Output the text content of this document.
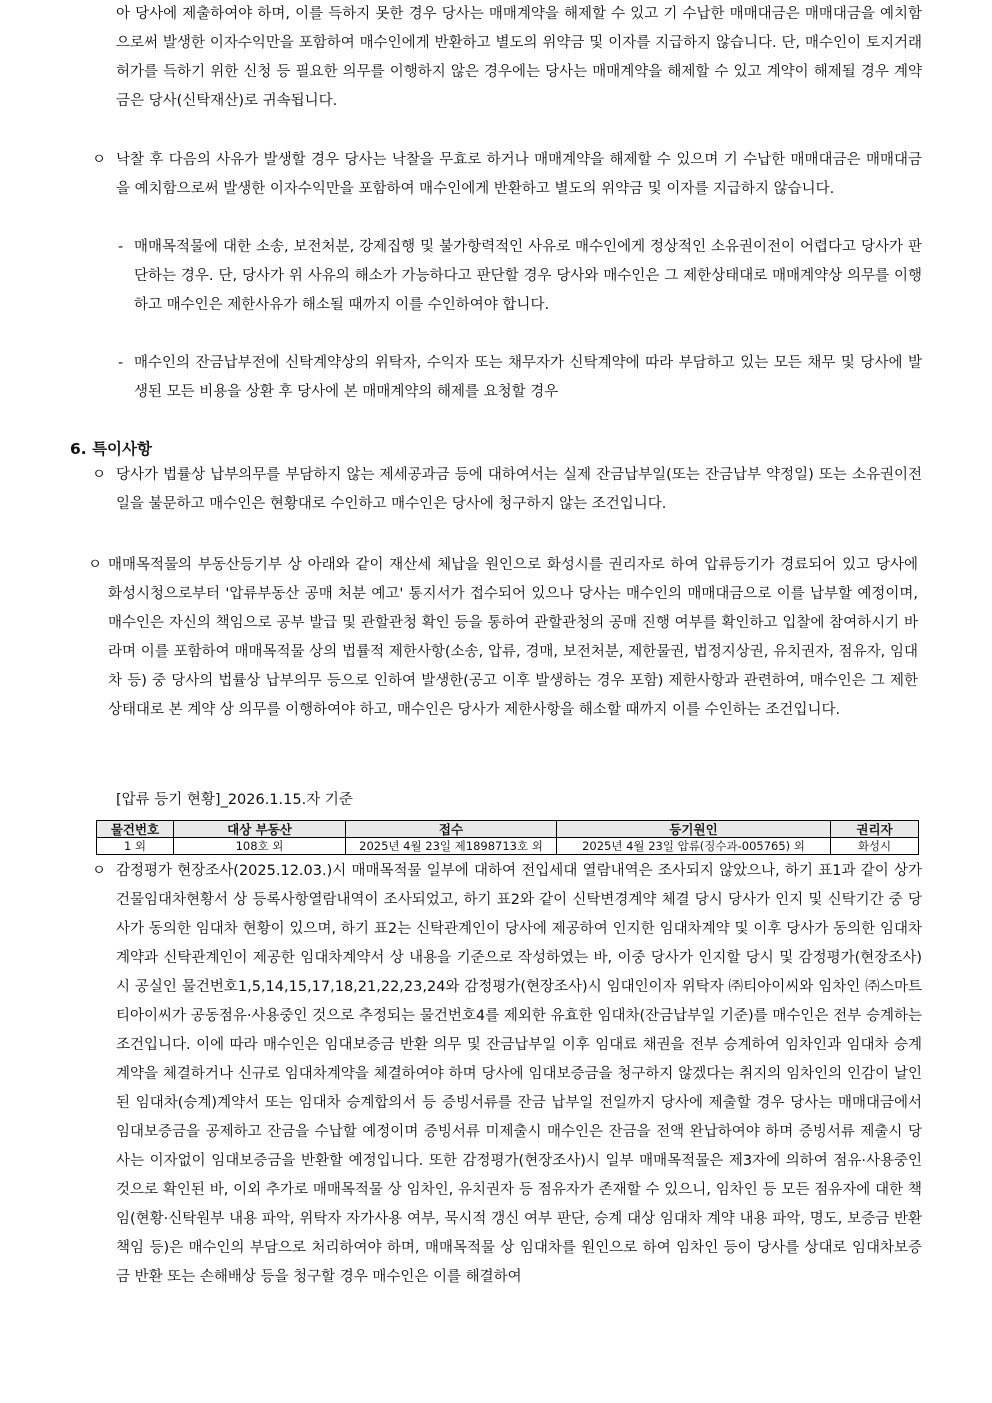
아 당사에 제출하여야 하며, 이를 득하지 못한 경우 당사는 매매계약을 해제할 수 있고 기 수납한 매매대금은 매매대금을 예치함으로써 발생한 이자수익만을 포함하여 매수인에게 반환하고 별도의 위약금 및 이자를 지급하지 않습니다. 단, 매수인이 토지거래허가를 득하기 위한 신청 등 필요한 의무를 이행하지 않은 경우에는 당사는 매매계약을 해제할 수 있고 계약이 해제될 경우 계약금은 당사(신탁재산)로 귀속됩니다.
ㅇ 낙찰 후 다음의 사유가 발생할 경우 당사는 낙찰을 무효로 하거나 매매계약을 해제할 수 있으며 기 수납한 매매대금은 매매대금을 예치함으로써 발생한 이자수익만을 포함하여 매수인에게 반환하고 별도의 위약금 및 이자를 지급하지 않습니다.
- 매매목적물에 대한 소송, 보전처분, 강제집행 및 불가항력적인 사유로 매수인에게 정상적인 소유권이전이 어렵다고 당사가 판단하는 경우. 단, 당사가 위 사유의 해소가 가능하다고 판단할 경우 당사와 매수인은 그 제한상태대로 매매계약상 의무를 이행하고 매수인은 제한사유가 해소될 때까지 이를 수인하여야 합니다.
- 매수인의 잔금납부전에 신탁계약상의 위탁자, 수익자 또는 채무자가 신탁계약에 따라 부담하고 있는 모든 채무 및 당사에 발생된 모든 비용을 상환 후 당사에 본 매매계약의 해제를 요청할 경우
6. 특이사항
ㅇ 당사가 법률상 납부의무를 부담하지 않는 제세공과금 등에 대하여서는 실제 잔금납부일(또는 잔금납부 약정일) 또는 소유권이전일을 불문하고 매수인은 현황대로 수인하고 매수인은 당사에 청구하지 않는 조건입니다.
ㅇ 매매목적물의 부동산등기부 상 아래와 같이 재산세 체납을 원인으로 화성시를 권리자로 하여 압류등기가 경료되어 있고 당사에 화성시청으로부터 '압류부동산 공매 처분 예고' 통지서가 접수되어 있으나 당사는 매수인의 매매대금으로 이를 납부할 예정이며, 매수인은 자신의 책임으로 공부 발급 및 관할관청 확인 등을 통하여 관할관청의 공매 진행 여부를 확인하고 입찰에 참여하시기 바라며 이를 포함하여 매매목적물 상의 법률적 제한사항(소송, 압류, 경매, 보전처분, 제한물권, 법정지상권, 유치권자, 점유자, 임대차 등) 중 당사의 법률상 납부의무 등으로 인하여 발생한(공고 이후 발생하는 경우 포함) 제한사항과 관련하여, 매수인은 그 제한상태대로 본 계약 상 의무를 이행하여야 하고, 매수인은 당사가 제한사항을 해소할 때까지 이를 수인하는 조건입니다.
[압류 등기 현황]_2026.1.15.자 기준
물건번호	대상 부동산	접수	등기원인	권리자
1 외	108호 외	2025년 4월 23일 제1898713호 외	2025년 4월 23일 압류(징수과-005765) 외	화성시
ㅇ 감정평가 현장조사(2025.12.03.)시 매매목적물 일부에 대하여 전입세대 열람내역은 조사되지 않았으나, 하기 표1과 같이 상가건물임대차현황서 상 등록사항열람내역이 조사되었고, 하기 표2와 같이 신탁변경계약 체결 당시 당사가 인지 및 신탁기간 중 당사가 동의한 임대차 현황이 있으며, 하기 표2는 신탁관계인이 당사에 제공하여 인지한 임대차계약 및 이후 당사가 동의한 임대차계약과 신탁관계인이 제공한 임대차계약서 상 내용을 기준으로 작성하였는 바, 이중 당사가 인지할 당시 및 감정평가(현장조사)시 공실인 물건번호1,5,14,15,17,18,21,22,23,24와 감정평가(현장조사)시 임대인이자 위탁자 ㈜티아이씨와 임차인 ㈜스마트티아이씨가 공동점유·사용중인 것으로 추정되는 물건번호4를 제외한 유효한 임대차(잔금납부일 기준)를 매수인은 전부 승계하는 조건입니다. 이에 따라 매수인은 임대보증금 반환 의무 및 잔금납부일 이후 임대료 채권을 전부 승계하여 임차인과 임대차 승계계약을 체결하거나 신규로 임대차계약을 체결하여야 하며 당사에 임대보증금을 청구하지 않겠다는 취지의 임차인의 인감이 날인된 임대차(승계)계약서 또는 임대차 승계합의서 등 증빙서류를 잔금 납부일 전일까지 당사에 제출할 경우 당사는 매매대금에서 임대보증금을 공제하고 잔금을 수납할 예정이며 증빙서류 미제출시 매수인은 잔금을 전액 완납하여야 하며 증빙서류 제출시 당사는 이자없이 임대보증금을 반환할 예정입니다. 또한 감정평가(현장조사)시 일부 매매목적물은 제3자에 의하여 점유·사용중인 것으로 확인된 바, 이외 추가로 매매목적물 상 임차인, 유치권자 등 점유자가 존재할 수 있으니, 임차인 등 모든 점유자에 대한 책임(현황·신탁원부 내용 파악, 위탁자 자가사용 여부, 묵시적 갱신 여부 판단, 승계 대상 임대차 계약 내용 파악, 명도, 보증금 반환 책임 등)은 매수인의 부담으로 처리하여야 하며, 매매목적물 상 임대차를 원인으로 하여 임차인 등이 당사를 상대로 임대차보증금 반환 또는 손해배상 등을 청구할 경우 매수인은 이를 해결하여
